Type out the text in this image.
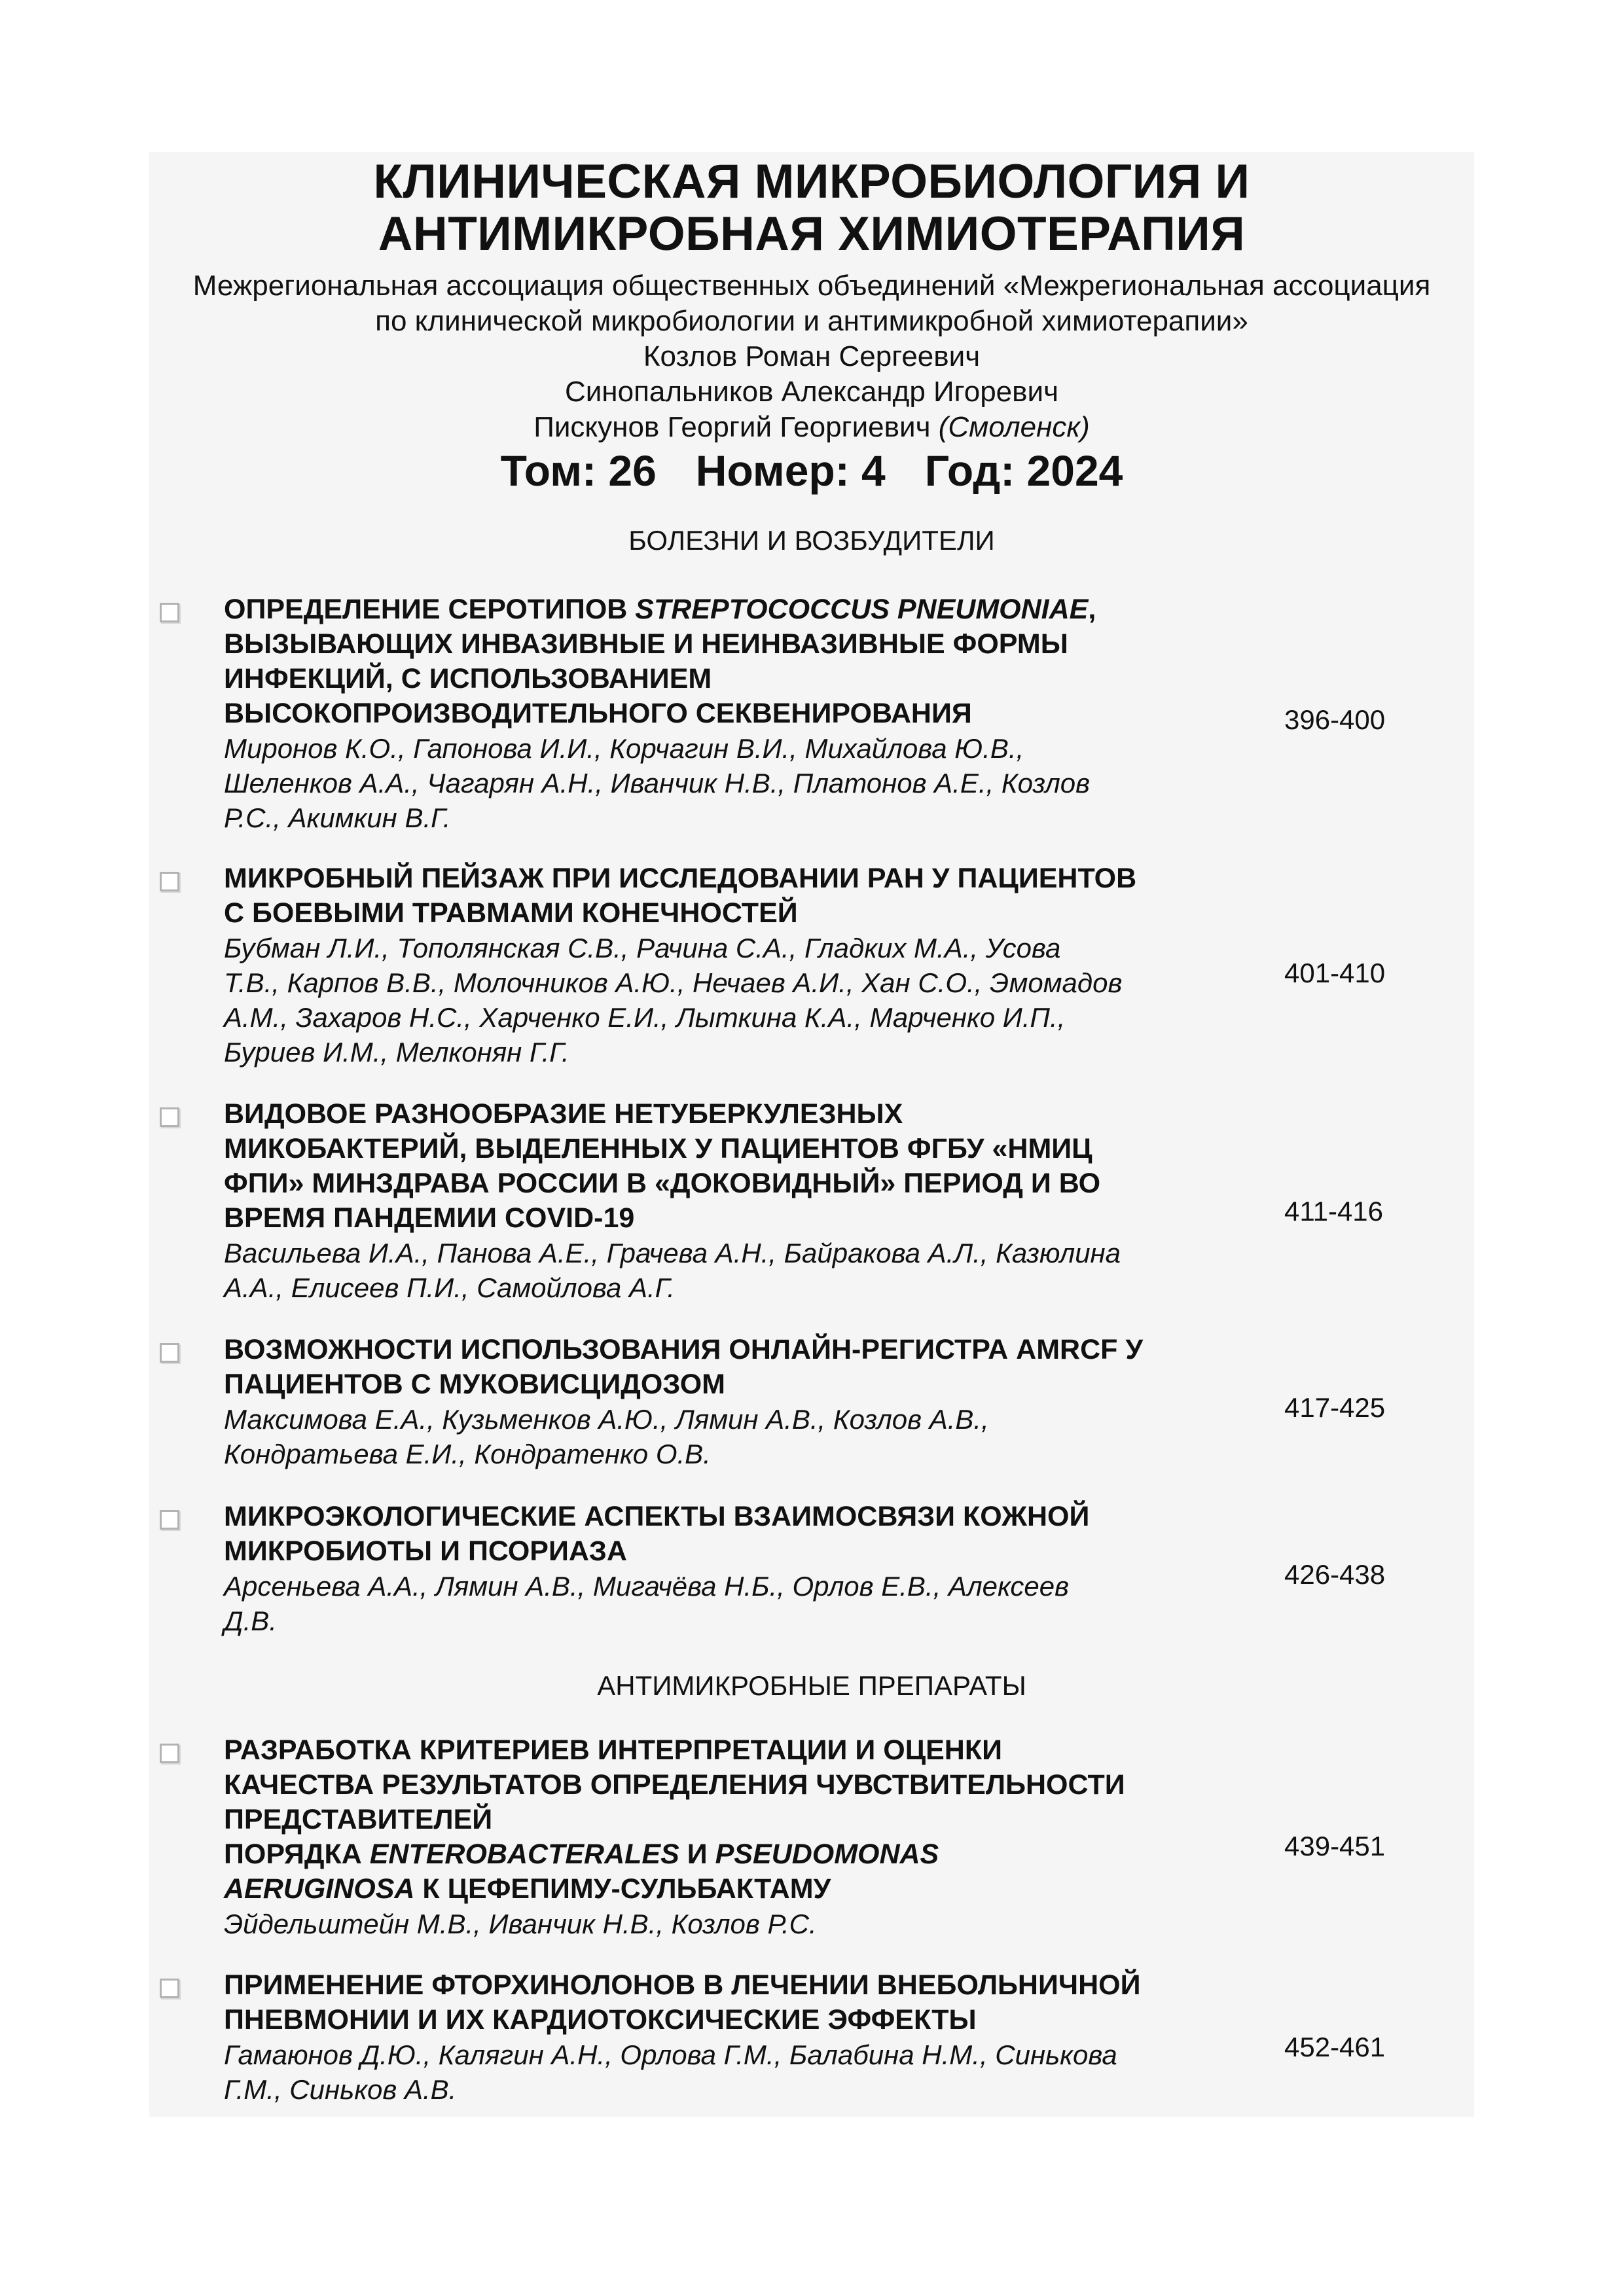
КЛИНИЧЕСКАЯ МИКРОБИОЛОГИЯ И
АНТИМИКРОБНАЯ ХИМИОТЕРАПИЯ
Межрегиональная ассоциация общественных объединений «Межрегиональная ассоциация
по клинической микробиологии и антимикробной химиотерапии»
Козлов Роман Сергеевич
Синопальников Александр Игоревич
Пискунов Георгий Георгиевич (Смоленск)
Том: 26 Номер: 4 Год: 2024
БОЛЕЗНИ И ВОЗБУДИТЕЛИ
ОПРЕДЕЛЕНИЕ СЕРОТИПОВ STREPTOCOCCUS PNEUMONIAE,
ВЫЗЫВАЮЩИХ ИНВАЗИВНЫЕ И НЕИНВАЗИВНЫЕ ФОРМЫ
ИНФЕКЦИЙ, С ИСПОЛЬЗОВАНИЕМ
ВЫСОКОПРОИЗВОДИТЕЛЬНОГО СЕКВЕНИРОВАНИЯ
Миронов К.О., Гапонова И.И., Корчагин В.И., Михайлова Ю.В.,
Шеленков А.А., Чагарян А.Н., Иванчик Н.В., Платонов А.Е., Козлов
Р.С., Акимкин В.Г.
396-400
МИКРОБНЫЙ ПЕЙЗАЖ ПРИ ИССЛЕДОВАНИИ РАН У ПАЦИЕНТОВ
С БОЕВЫМИ ТРАВМАМИ КОНЕЧНОСТЕЙ
Бубман Л.И., Тополянская С.В., Рачина С.А., Гладких М.А., Усова
Т.В., Карпов В.В., Молочников А.Ю., Нечаев А.И., Хан С.О., Эмомадов
А.М., Захаров Н.С., Харченко Е.И., Лыткина К.А., Марченко И.П.,
Буриев И.М., Мелконян Г.Г.
401-410
ВИДОВОЕ РАЗНООБРАЗИЕ НЕТУБЕРКУЛЕЗНЫХ
МИКОБАКТЕРИЙ, ВЫДЕЛЕННЫХ У ПАЦИЕНТОВ ФГБУ «НМИЦ
ФПИ» МИНЗДРАВА РОССИИ В «ДОКОВИДНЫЙ» ПЕРИОД И ВО
ВРЕМЯ ПАНДЕМИИ COVID-19
Васильева И.А., Панова А.Е., Грачева А.Н., Байракова А.Л., Казюлина
А.А., Елисеев П.И., Самойлова А.Г.
411-416
ВОЗМОЖНОСТИ ИСПОЛЬЗОВАНИЯ ОНЛАЙН-РЕГИСТРА AMRCF У
ПАЦИЕНТОВ С МУКОВИСЦИДОЗОМ
Максимова Е.А., Кузьменков А.Ю., Лямин А.В., Козлов А.В.,
Кондратьева Е.И., Кондратенко О.В.
417-425
МИКРОЭКОЛОГИЧЕСКИЕ АСПЕКТЫ ВЗАИМОСВЯЗИ КОЖНОЙ
МИКРОБИОТЫ И ПСОРИАЗА
Арсеньева А.А., Лямин А.В., Мигачёва Н.Б., Орлов Е.В., Алексеев
Д.В.
426-438
АНТИМИКРОБНЫЕ ПРЕПАРАТЫ
РАЗРАБОТКА КРИТЕРИЕВ ИНТЕРПРЕТАЦИИ И ОЦЕНКИ
КАЧЕСТВА РЕЗУЛЬТАТОВ ОПРЕДЕЛЕНИЯ ЧУВСТВИТЕЛЬНОСТИ
ПРЕДСТАВИТЕЛЕЙ
ПОРЯДКА ENTEROBACTERALES И PSEUDOMONAS
AERUGINOSA К ЦЕФЕПИМУ-СУЛЬБАКТАМУ
Эйдельштейн М.В., Иванчик Н.В., Козлов Р.С.
439-451
ПРИМЕНЕНИЕ ФТОРХИНОЛОНОВ В ЛЕЧЕНИИ ВНЕБОЛЬНИЧНОЙ
ПНЕВМОНИИ И ИХ КАРДИОТОКСИЧЕСКИЕ ЭФФЕКТЫ
Гамаюнов Д.Ю., Калягин А.Н., Орлова Г.М., Балабина Н.М., Синькова
Г.М., Синьков А.В.
452-461
